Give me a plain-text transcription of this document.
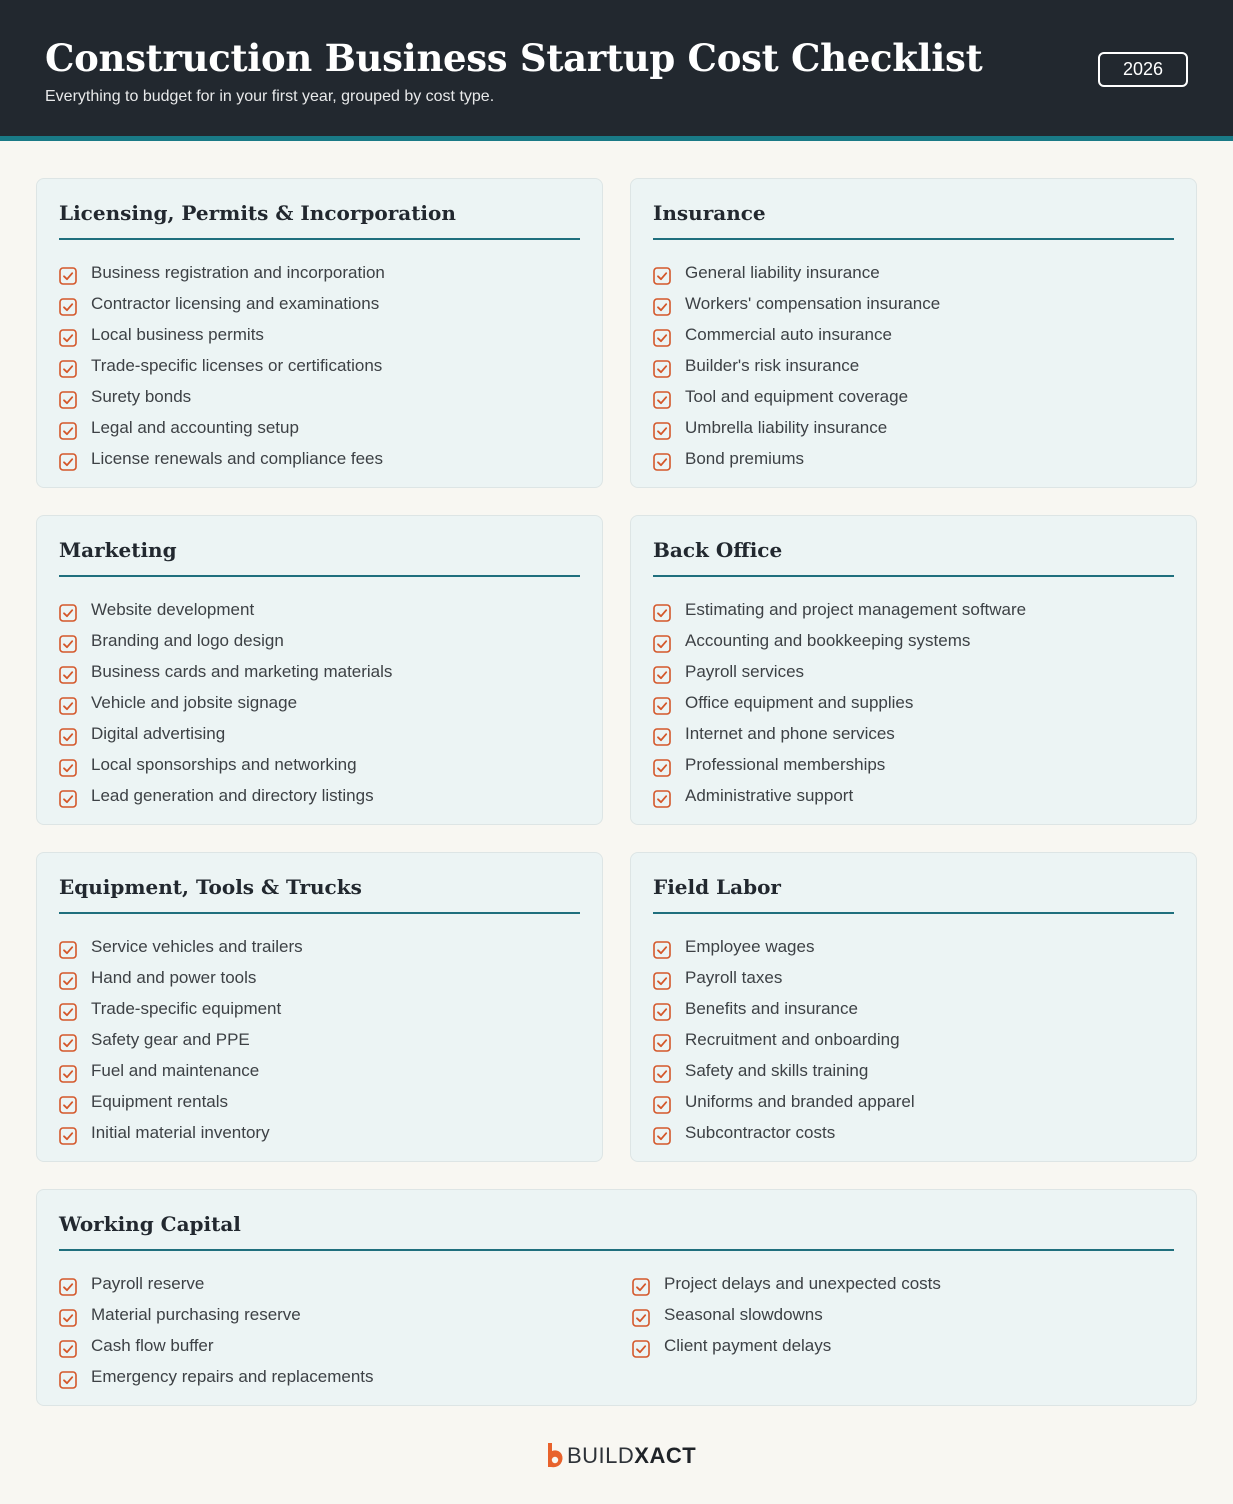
Construction Business Startup Cost Checklist
Everything to budget for in your first year, grouped by cost type.
2026
Licensing, Permits & Incorporation
Business registration and incorporation
Contractor licensing and examinations
Local business permits
Trade-specific licenses or certifications
Surety bonds
Legal and accounting setup
License renewals and compliance fees
Insurance
General liability insurance
Workers' compensation insurance
Commercial auto insurance
Builder's risk insurance
Tool and equipment coverage
Umbrella liability insurance
Bond premiums
Marketing
Website development
Branding and logo design
Business cards and marketing materials
Vehicle and jobsite signage
Digital advertising
Local sponsorships and networking
Lead generation and directory listings
Back Office
Estimating and project management software
Accounting and bookkeeping systems
Payroll services
Office equipment and supplies
Internet and phone services
Professional memberships
Administrative support
Equipment, Tools & Trucks
Service vehicles and trailers
Hand and power tools
Trade-specific equipment
Safety gear and PPE
Fuel and maintenance
Equipment rentals
Initial material inventory
Field Labor
Employee wages
Payroll taxes
Benefits and insurance
Recruitment and onboarding
Safety and skills training
Uniforms and branded apparel
Subcontractor costs
Working Capital
Payroll reserve
Material purchasing reserve
Cash flow buffer
Emergency repairs and replacements
Project delays and unexpected costs
Seasonal slowdowns
Client payment delays
BUILDXACT
